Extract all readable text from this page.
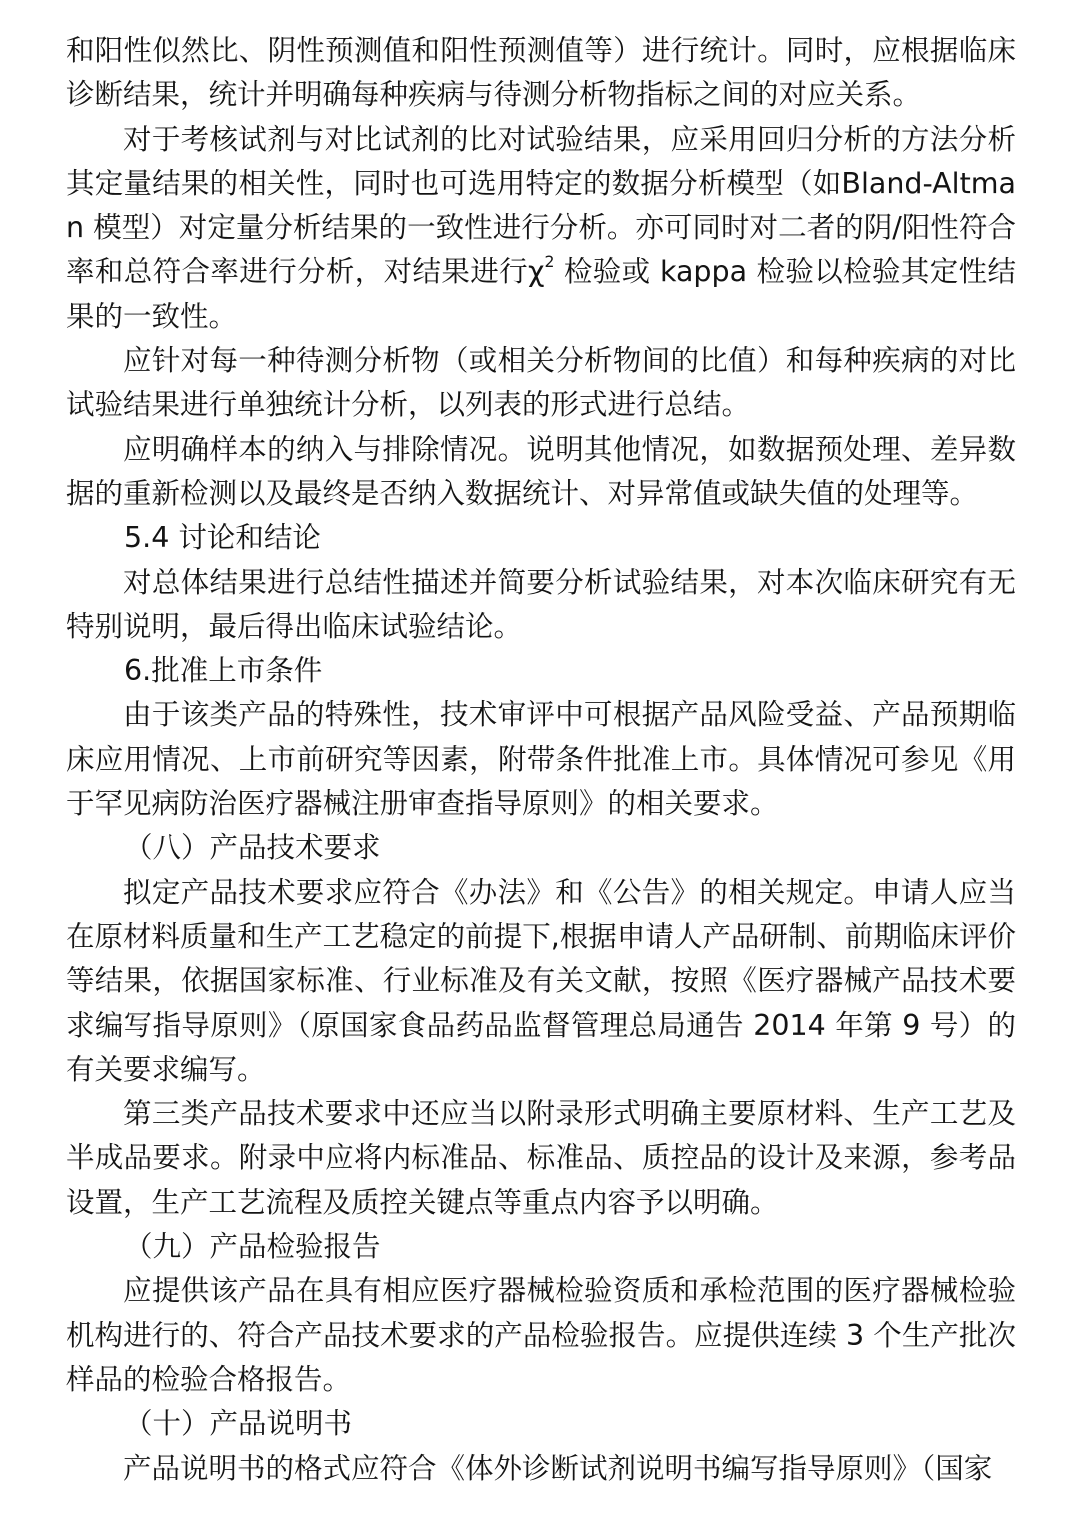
和阳性似然比、阴性预测值和阳性预测值等）进行统计。同时，应根据临床诊断结果，统计并明确每种疾病与待测分析物指标之间的对应关系。

对于考核试剂与对比试剂的比对试验结果，应采用回归分析的方法分析其定量结果的相关性，同时也可选用特定的数据分析模型（如Bland-Altman 模型）对定量分析结果的一致性进行分析。亦可同时对二者的阴/阳性符合率和总符合率进行分析，对结果进行$\chi^2$ 检验或 kappa 检验以检验其定性结果的一致性。

应针对每一种待测分析物（或相关分析物间的比值）和每种疾病的对比试验结果进行单独统计分析，以列表的形式进行总结。

应明确样本的纳入与排除情况。说明其他情况，如数据预处理、差异数据的重新检测以及最终是否纳入数据统计、对异常值或缺失值的处理等。

5.4 讨论和结论

对总体结果进行总结性描述并简要分析试验结果，对本次临床研究有无特别说明，最后得出临床试验结论。

6.批准上市条件

由于该类产品的特殊性，技术审评中可根据产品风险受益、产品预期临床应用情况、上市前研究等因素，附带条件批准上市。具体情况可参见《用于罕见病防治医疗器械注册审查指导原则》的相关要求。

（八）产品技术要求

拟定产品技术要求应符合《办法》和《公告》的相关规定。申请人应当在原材料质量和生产工艺稳定的前提下,根据申请人产品研制、前期临床评价等结果，依据国家标准、行业标准及有关文献，按照《医疗器械产品技术要求编写指导原则》（原国家食品药品监督管理总局通告 2014 年第 9 号）的有关要求编写。

第三类产品技术要求中还应当以附录形式明确主要原材料、生产工艺及半成品要求。附录中应将内标准品、标准品、质控品的设计及来源，参考品设置，生产工艺流程及质控关键点等重点内容予以明确。

（九）产品检验报告

应提供该产品在具有相应医疗器械检验资质和承检范围的医疗器械检验机构进行的、符合产品技术要求的产品检验报告。应提供连续 3 个生产批次样品的检验合格报告。

（十）产品说明书

产品说明书的格式应符合《体外诊断试剂说明书编写指导原则》（国家
